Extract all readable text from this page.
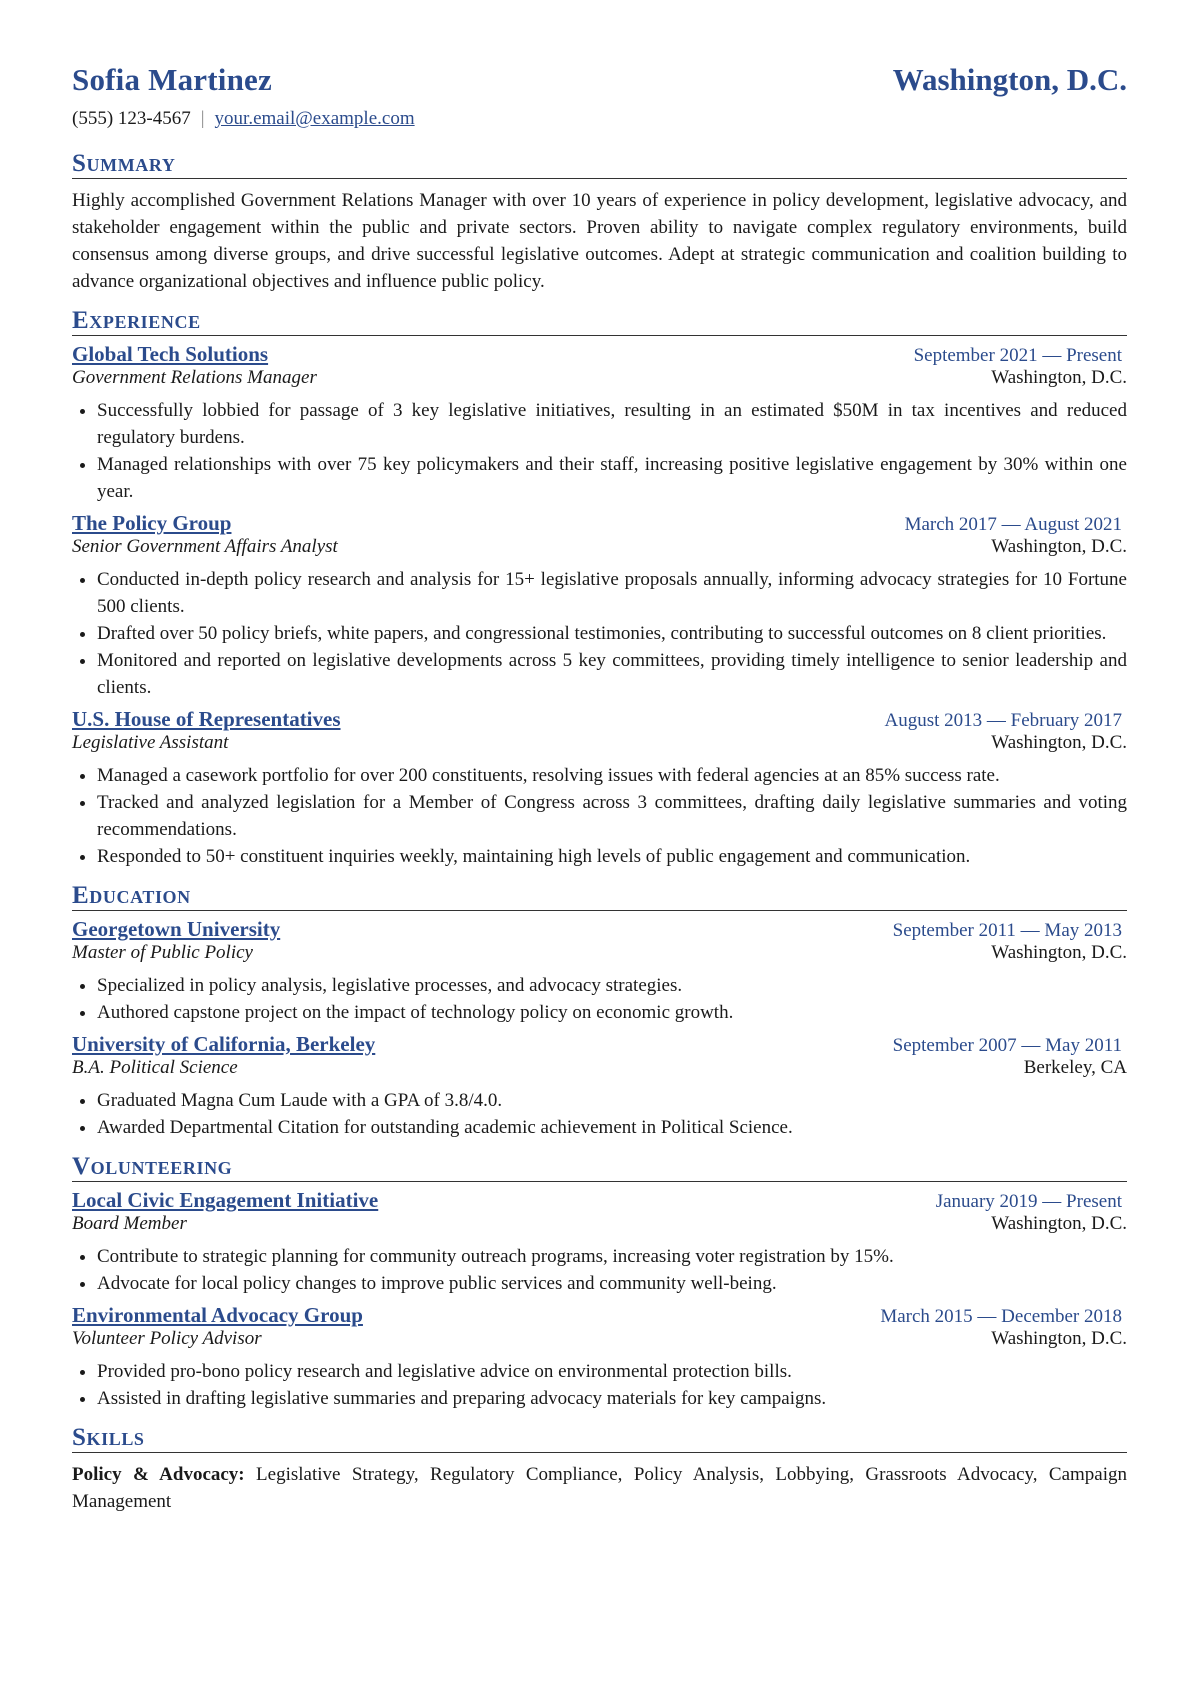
Sofia Martinez	Washington, D.C.
(555) 123-4567 | your.email@example.com
Summary
Highly accomplished Government Relations Manager with over 10 years of experience in policy development, legislative advocacy, and stakeholder engagement within the public and private sectors. Proven ability to navigate complex regulatory environments, build consensus among diverse groups, and drive successful legislative outcomes. Adept at strategic communication and coalition building to advance organizational objectives and influence public policy.
Experience
Global Tech Solutions	September 2021 — Present
Government Relations Manager	Washington, D.C.
• Successfully lobbied for passage of 3 key legislative initiatives, resulting in an estimated $50M in tax incentives and reduced regulatory burdens.
• Managed relationships with over 75 key policymakers and their staff, increasing positive legislative engagement by 30% within one year.
The Policy Group	March 2017 — August 2021
Senior Government Affairs Analyst	Washington, D.C.
• Conducted in-depth policy research and analysis for 15+ legislative proposals annually, informing advocacy strategies for 10 Fortune 500 clients.
• Drafted over 50 policy briefs, white papers, and congressional testimonies, contributing to successful outcomes on 8 client priorities.
• Monitored and reported on legislative developments across 5 key committees, providing timely intelligence to senior leadership and clients.
U.S. House of Representatives	August 2013 — February 2017
Legislative Assistant	Washington, D.C.
• Managed a casework portfolio for over 200 constituents, resolving issues with federal agencies at an 85% success rate.
• Tracked and analyzed legislation for a Member of Congress across 3 committees, drafting daily legislative summaries and voting recommendations.
• Responded to 50+ constituent inquiries weekly, maintaining high levels of public engagement and communication.
Education
Georgetown University	September 2011 — May 2013
Master of Public Policy	Washington, D.C.
• Specialized in policy analysis, legislative processes, and advocacy strategies.
• Authored capstone project on the impact of technology policy on economic growth.
University of California, Berkeley	September 2007 — May 2011
B.A. Political Science	Berkeley, CA
• Graduated Magna Cum Laude with a GPA of 3.8/4.0.
• Awarded Departmental Citation for outstanding academic achievement in Political Science.
Volunteering
Local Civic Engagement Initiative	January 2019 — Present
Board Member	Washington, D.C.
• Contribute to strategic planning for community outreach programs, increasing voter registration by 15%.
• Advocate for local policy changes to improve public services and community well-being.
Environmental Advocacy Group	March 2015 — December 2018
Volunteer Policy Advisor	Washington, D.C.
• Provided pro-bono policy research and legislative advice on environmental protection bills.
• Assisted in drafting legislative summaries and preparing advocacy materials for key campaigns.
Skills
Policy & Advocacy: Legislative Strategy, Regulatory Compliance, Policy Analysis, Lobbying, Grassroots Advocacy, Campaign Management
